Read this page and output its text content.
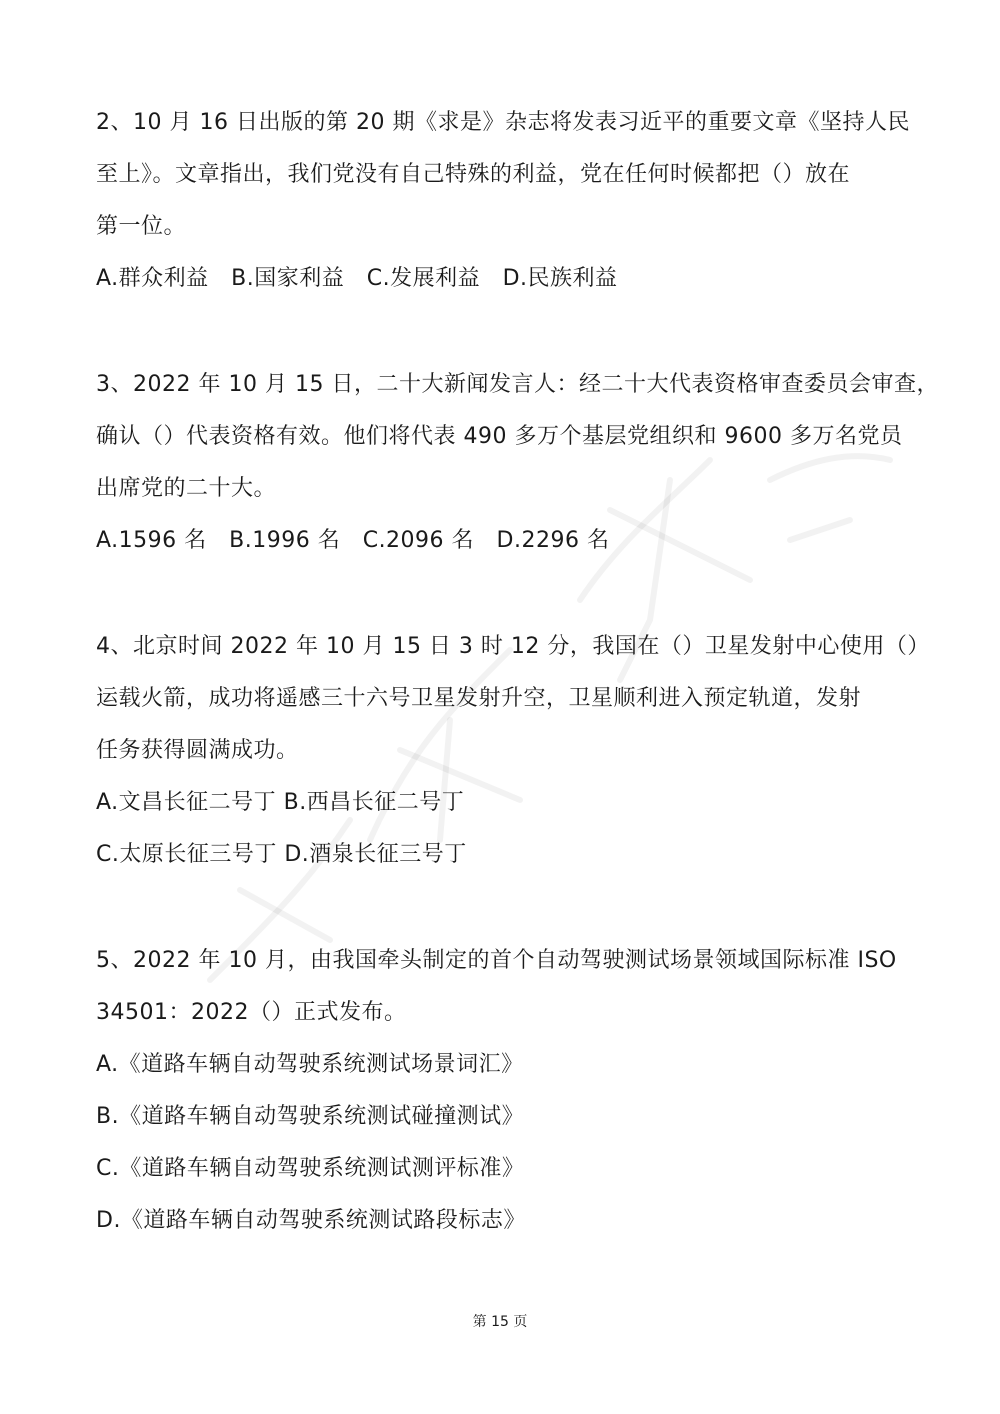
2、10 月 16 日出版的第 20 期《求是》杂志将发表习近平的重要文章《坚持人民
至上》。文章指出，我们党没有自己特殊的利益，党在任何时候都把（）放在
第一位。
A.群众利益　B.国家利益　C.发展利益　D.民族利益
3、2022 年 10 月 15 日，二十大新闻发言人：经二十大代表资格审查委员会审查，
确认（）代表资格有效。他们将代表 490 多万个基层党组织和 9600 多万名党员
出席党的二十大。
A.1596 名　B.1996 名　C.2096 名　D.2296 名
4、北京时间 2022 年 10 月 15 日 3 时 12 分，我国在（）卫星发射中心使用（）
运载火箭，成功将遥感三十六号卫星发射升空，卫星顺利进入预定轨道，发射
任务获得圆满成功。
A.文昌长征二号丁 B.西昌长征二号丁
C.太原长征三号丁 D.酒泉长征三号丁
5、2022 年 10 月，由我国牵头制定的首个自动驾驶测试场景领域国际标准 ISO
34501：2022（）正式发布。
A.《道路车辆自动驾驶系统测试场景词汇》
B.《道路车辆自动驾驶系统测试碰撞测试》
C.《道路车辆自动驾驶系统测试测评标准》
D.《道路车辆自动驾驶系统测试路段标志》
第 15 页
